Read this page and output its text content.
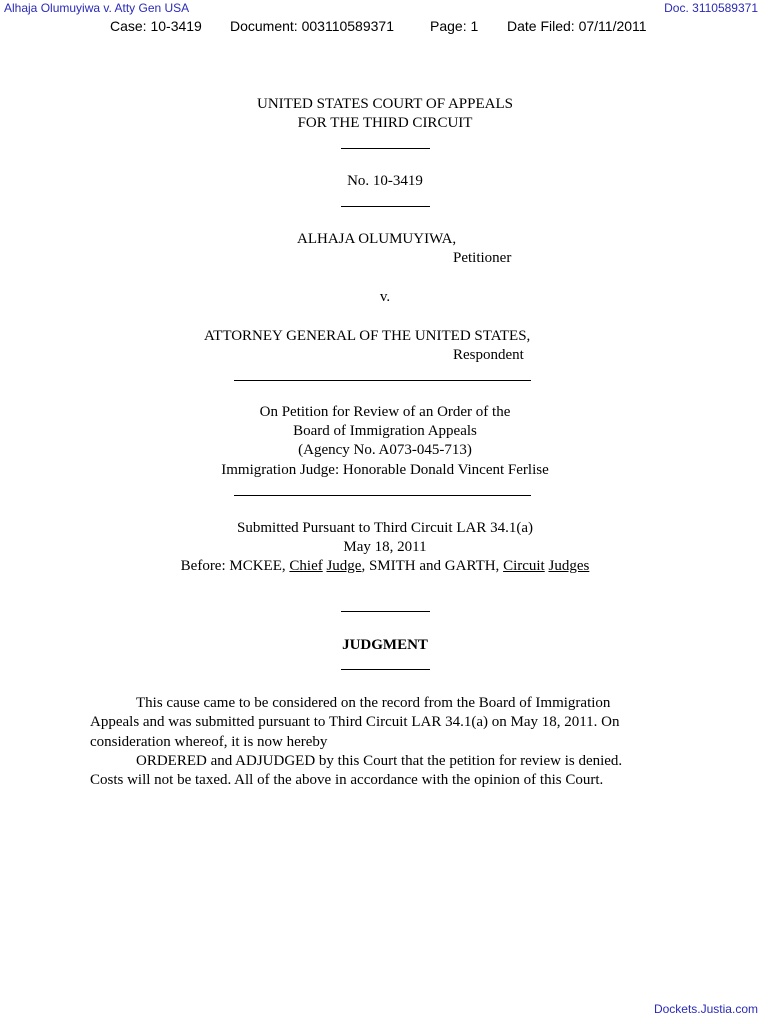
Alhaja Olumuyiwa v. Atty Gen USA	Doc. 3110589371
Case: 10-3419 Document: 003110589371	Page: 1 Date Filed: 07/11/2011
UNITED STATES COURT OF APPEALS
FOR THE THIRD CIRCUIT
No. 10-3419
ALHAJA OLUMUYIWA,
Petitioner
v.
ATTORNEY GENERAL OF THE UNITED STATES,
Respondent
On Petition for Review of an Order of the
Board of Immigration Appeals
(Agency No. A073-045-713)
Immigration Judge: Honorable Donald Vincent Ferlise
Submitted Pursuant to Third Circuit LAR 34.1(a)
May 18, 2011
Before: MCKEE, Chief Judge, SMITH and GARTH, Circuit Judges
JUDGMENT
This cause came to be considered on the record from the Board of Immigration
Appeals and was submitted pursuant to Third Circuit LAR 34.1(a) on May 18, 2011. On
consideration whereof, it is now hereby
ORDERED and ADJUDGED by this Court that the petition for review is denied.
Costs will not be taxed. All of the above in accordance with the opinion of this Court.
Dockets.Justia.com
